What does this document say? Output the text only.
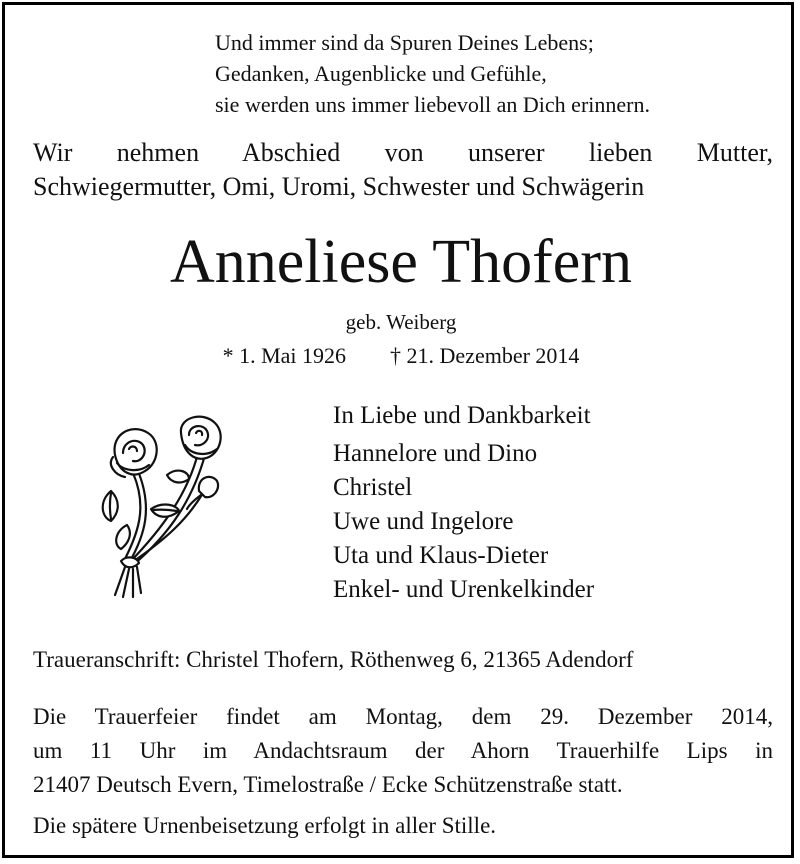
Und immer sind da Spuren Deines Lebens;
Gedanken, Augenblicke und Gefühle,
sie werden uns immer liebevoll an Dich erinnern.
Wir nehmen Abschied von unserer lieben Mutter,
Schwiegermutter, Omi, Uromi, Schwester und Schwägerin
Anneliese Thofern
geb. Weiberg
* 1. Mai 1926 † 21. Dezember 2014
In Liebe und Dankbarkeit
Hannelore und Dino
Christel
Uwe und Ingelore
Uta und Klaus-Dieter
Enkel- und Urenkelkinder
Traueranschrift: Christel Thofern, Röthenweg 6, 21365 Adendorf
Die Trauerfeier findet am Montag, dem 29. Dezember 2014,
um 11 Uhr im Andachtsraum der Ahorn Trauerhilfe Lips in
21407 Deutsch Evern, Timelostraße / Ecke Schützenstraße statt.
Die spätere Urnenbeisetzung erfolgt in aller Stille.
